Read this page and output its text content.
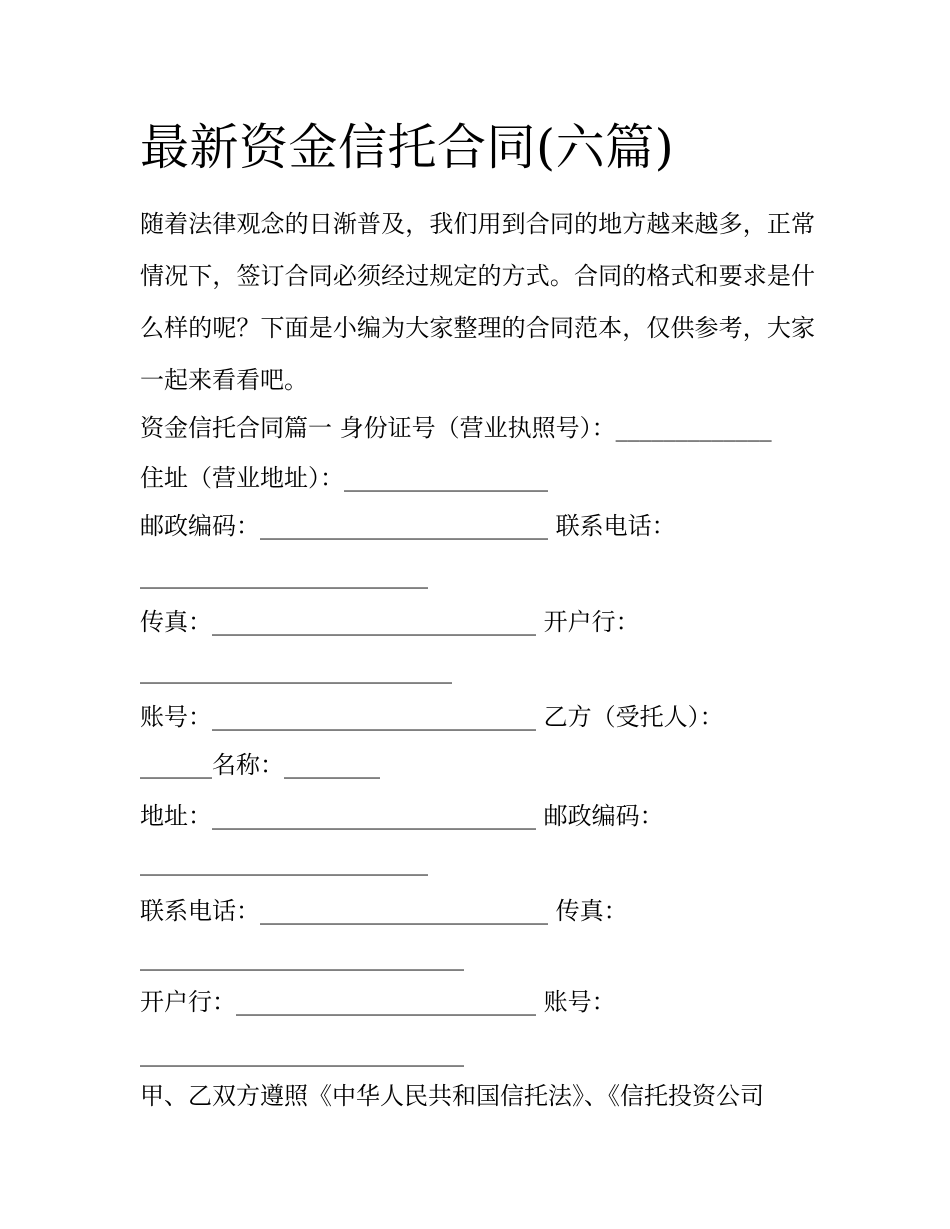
最新资金信托合同(六篇)

随着法律观念的日渐普及，我们用到合同的地方越来越多，正常情况下，签订合同必须经过规定的方式。合同的格式和要求是什么样的呢？下面是小编为大家整理的合同范本，仅供参考，大家一起来看看吧。

资金信托合同篇一 身份证号（营业执照号）：_____________

住址（营业地址）：_________________

邮政编码：________________________ 联系电话：

________________________

传真：___________________________ 开户行：

__________________________

账号：___________________________ 乙方（受托人）：

______名称：________

地址：___________________________ 邮政编码：

________________________

联系电话：________________________ 传真：

___________________________

开户行：_________________________ 账号：

___________________________

甲、乙双方遵照《中华人民共和国信托法》、《信托投资公司
